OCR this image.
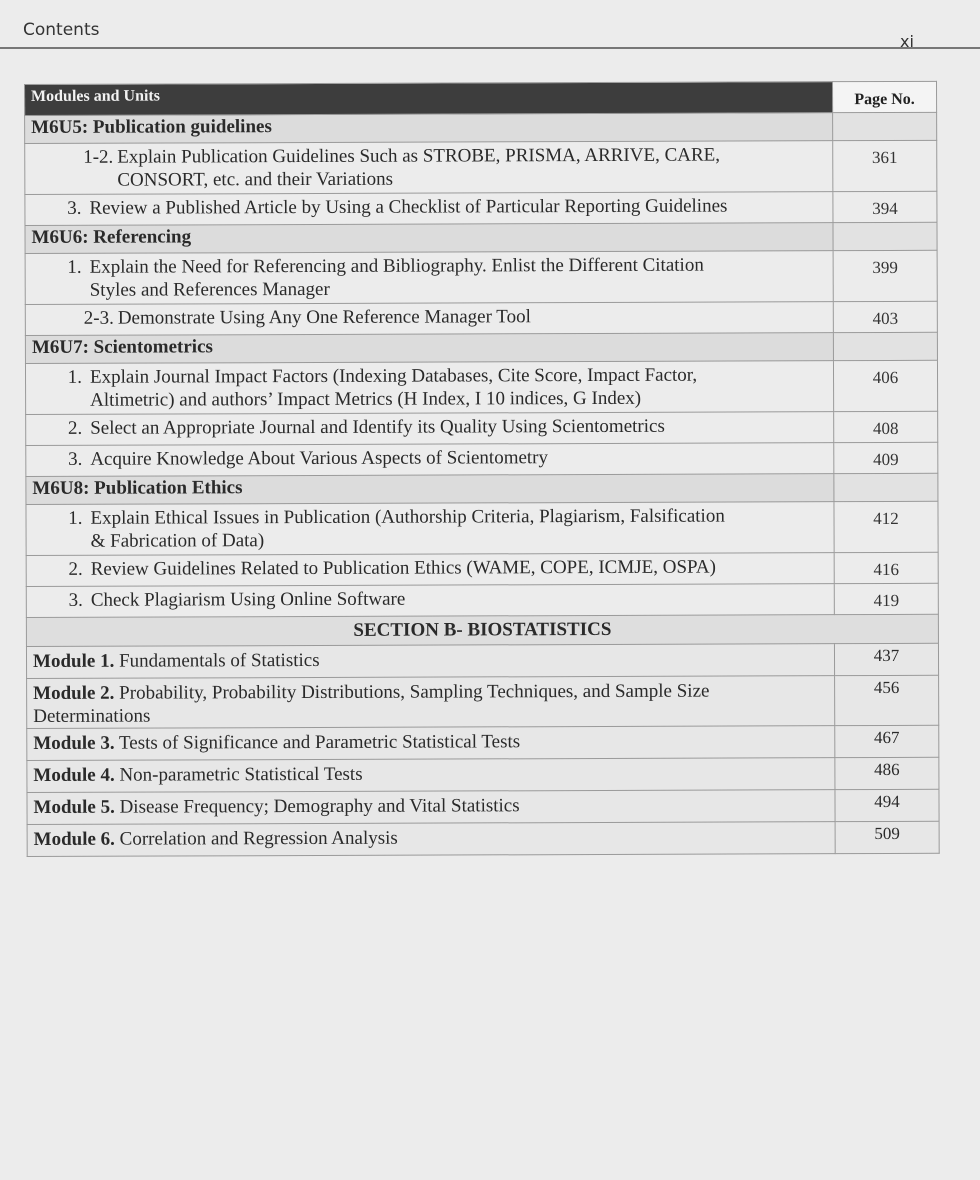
Contents
xi
Modules and Units	Page No.
M6U5: Publication guidelines	
1-2. Explain Publication Guidelines Such as STROBE, PRISMA, ARRIVE, CARE,
CONSORT, etc. and their Variations	361
3. Review a Published Article by Using a Checklist of Particular Reporting Guidelines	394
M6U6: Referencing	
1. Explain the Need for Referencing and Bibliography. Enlist the Different Citation
Styles and References Manager	399
2-3. Demonstrate Using Any One Reference Manager Tool	403
M6U7: Scientometrics	
1. Explain Journal Impact Factors (Indexing Databases, Cite Score, Impact Factor,
Altimetric) and authors’ Impact Metrics (H Index, I 10 indices, G Index)	406
2. Select an Appropriate Journal and Identify its Quality Using Scientometrics	408
3. Acquire Knowledge About Various Aspects of Scientometry	409
M6U8: Publication Ethics	
1. Explain Ethical Issues in Publication (Authorship Criteria, Plagiarism, Falsification
& Fabrication of Data)	412
2. Review Guidelines Related to Publication Ethics (WAME, COPE, ICMJE, OSPA)	416
3. Check Plagiarism Using Online Software	419
SECTION B- BIOSTATISTICS	
Module 1. Fundamentals of Statistics	437
Module 2. Probability, Probability Distributions, Sampling Techniques, and Sample Size
Determinations	456
Module 3. Tests of Significance and Parametric Statistical Tests	467
Module 4. Non-parametric Statistical Tests	486
Module 5. Disease Frequency; Demography and Vital Statistics	494
Module 6. Correlation and Regression Analysis	509
